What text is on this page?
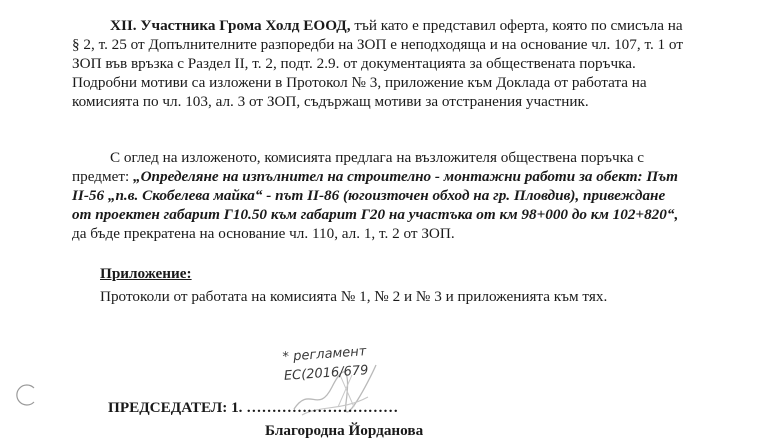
XII. Участника Грома Холд ЕООД, тъй като е представил оферта, която по смисъла на
§ 2, т. 25 от Допълнителните разпоредби на ЗОП е неподходяща и на основание чл. 107, т. 1 от
ЗОП във връзка с Раздел II, т. 2, подт. 2.9. от документацията за обществената поръчка.
Подробни мотиви са изложени в Протокол № 3, приложение към Доклада от работата на
комисията по чл. 103, ал. 3 от ЗОП, съдържащ мотиви за отстранения участник.
С оглед на изложеното, комисията предлага на възложителя обществена поръчка с
предмет: „Определяне на изпълнител на строително - монтажни работи за обект: Път
II-56 „п.в. Скобелева майка“ - път II-86 (югоизточен обход на гр. Пловдив), привеждане
от проектен габарит Г10.50 към габарит Г20 на участъка от км 98+000 до км 102+820“,
да бъде прекратена на основание чл. 110, ал. 1, т. 2 от ЗОП.
Приложение:
Протоколи от работата на комисията № 1, № 2 и № 3 и приложенията към тях.
* регламент
ЕС(2016/679
ПРЕДСЕДАТЕЛ: 1. …………………………
Благородна Йорданова
